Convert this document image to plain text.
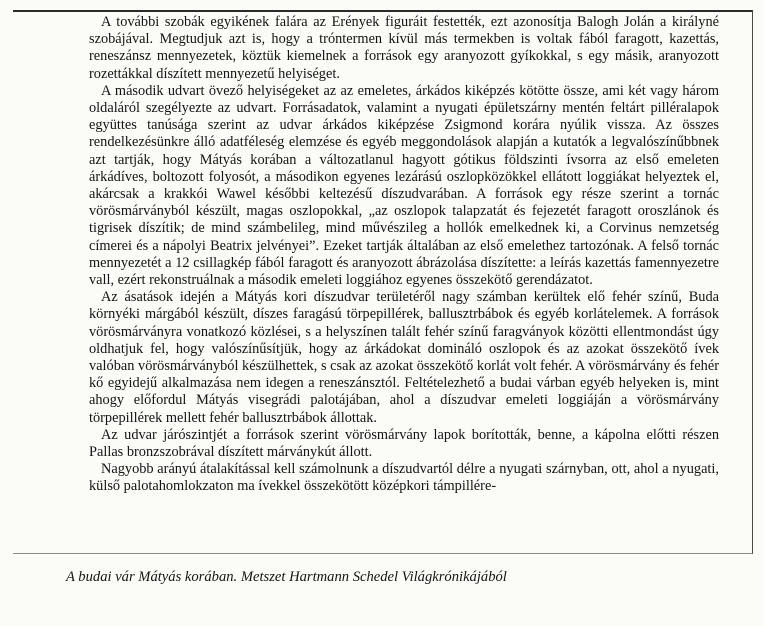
A további szobák egyikének falára az Erények figuráit festették, ezt azonosítja Balogh Jolán a királyné szobájával. Megtudjuk azt is, hogy a tróntermen kívül más termekben is voltak fából faragott, kazettás, reneszánsz mennyezetek, köztük kiemelnek a források egy aranyozott gyíkokkal, s egy másik, aranyozott rozettákkal díszített mennyezetű helyiséget.

A második udvart övező helyiségeket az az emeletes, árkádos kiképzés kötötte össze, ami két vagy három oldaláról szegélyezte az udvart. Forrásadatok, valamint a nyugati épületszárny mentén feltárt pilléralapok együttes tanúsága szerint az udvar árkádos kiképzése Zsigmond korára nyúlik vissza. Az összes rendelkezésünkre álló adatféleség elemzése és egyéb meggondolások alapján a kutatók a legvalószínűbbnek azt tartják, hogy Mátyás korában a változatlanul hagyott gótikus földszinti ívsorra az első emeleten árkádíves, boltozott folyosót, a másodikon egyenes lezárású oszlopközökkel ellátott loggiákat helyeztek el, akárcsak a krakkói Wawel későbbi keltezésű díszudvarában. A források egy része szerint a tornác vörösmárványból készült, magas oszlopokkal, „az oszlopok talapzatát és fejezetét faragott oroszlánok és tigrisek díszítik; de mind számbelileg, mind művészileg a hollók emelkednek ki, a Corvinus nemzetség címerei és a nápolyi Beatrix jelvényei”. Ezeket tartják általában az első emelethez tartozónak. A felső tornác mennyezetét a 12 csillagkép fából faragott és aranyozott ábrázolása díszítette: a leírás kazettás famennyezetre vall, ezért rekonstruálnak a második emeleti loggiához egyenes összekötő gerendázatot.

Az ásatások idején a Mátyás kori díszudvar területéről nagy számban kerültek elő fehér színű, Buda környéki márgából készült, díszes faragású törpepillérek, ballusztrbábok és egyéb korlátelemek. A források vörösmárványra vonatkozó közlései, s a helyszínen talált fehér színű faragványok közötti ellentmondást úgy oldhatjuk fel, hogy valószínűsítjük, hogy az árkádokat domináló oszlopok és az azokat összekötő ívek valóban vörösmárványból készülhettek, s csak az azokat összekötő korlát volt fehér. A vörösmárvány és fehér kő egyidejű alkalmazása nem idegen a reneszánsztól. Feltételezhető a budai várban egyéb helyeken is, mint ahogy előfordul Mátyás visegrádi palotájában, ahol a díszudvar emeleti loggiáján a vörösmárvány törpepillérek mellett fehér ballusztrbábok állottak.

Az udvar járószintjét a források szerint vörösmárvány lapok borították, benne, a kápolna előtti részen Pallas bronzszobrával díszített márványkút állott.

Nagyobb arányú átalakítással kell számolnunk a díszudvartól délre a nyugati szárnyban, ott, ahol a nyugati, külső palotahomlokzaton ma ívekkel összekötött középkori támpillére-

A budai vár Mátyás korában. Metszet Hartmann Schedel Világkrónikájából
